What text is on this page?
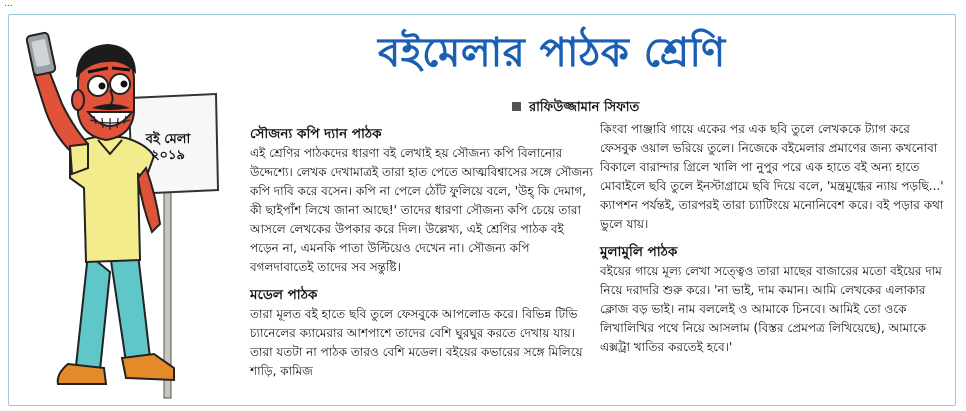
...
বই মেলা
২০১৯
বইমেলার পাঠক শ্রেণি
রাফিউজ্জামান সিফাত
সৌজন্য কপি দ্যান পাঠক

এই শ্রেণির পাঠকদের ধারণা বই লেখাই হয় সৌজন্য কপি বিলানোর উদ্দেশ্যে। লেখক দেখামাত্রই তারা হাত পেতে আত্মবিশ্বাসের সঙ্গে সৌজন্য কপি দাবি করে বসেন। কপি না পেলে ঠোঁট ফুলিয়ে বলে, 'উহ্ কি দেমাগ, কী ছাইপাঁশ লিখে জানা আছে!' তাদের ধারণা সৌজন্য কপি চেয়ে তারা আসলে লেখকের উপকার করে দিল। উল্লেখ্য, এই শ্রেণির পাঠক বই পড়েন না, এমনকি পাতা উল্টিয়েও দেখেন না। সৌজন্য কপি বগলদাবাতেই তাদের সব সন্তুষ্টি।

মডেল পাঠক

তারা মূলত বই হাতে ছবি তুলে ফেসবুকে আপলোড করে। বিভিন্ন টিভি চ্যানেলের ক্যামেরার আশপাশে তাদের বেশি ঘুরঘুর করতে দেখায় যায়। তারা যতটা না পাঠক তারও বেশি মডেল। বইয়ের কভারের সঙ্গে মিলিয়ে শাড়ি, কামিজ

কিংবা পাঞ্জাবি গায়ে একের পর এক ছবি তুলে লেখককে ট্যাগ করে ফেসবুক ওয়াল ভরিয়ে তুলে। নিজেকে বইমেলার প্রমাণের জন্য কখনোবা বিকালে বারান্দার গ্রিলে খালি পা নুপুর পরে এক হাতে বই অন্য হাতে মোবাইলে ছবি তুলে ইনস্টাগ্রামে ছবি দিয়ে বলে, 'মন্ত্রমুগ্ধের ন্যায় পড়ছি...' ক্যাপশন পর্যন্তই, তারপরই তারা চ্যাটিংয়ে মনোনিবেশ করে। বই পড়ার কথা ভুলে যায়।

মুলামুলি পাঠক

বইয়ের গায়ে মূল্য লেখা সত্ত্বেও তারা মাছের বাজারের মতো বইয়ের দাম নিয়ে দরাদরি শুরু করে। 'না ভাই, দাম কমান। আমি লেখকের এলাকার ক্লোজ বড় ভাই। নাম বললেই ও আমাকে চিনবে। আমিই তো ওকে লিখালিখির পথে নিয়ে আসলাম (বিস্তর প্রেমপত্র লিখিয়েছে), আমাকে এক্সট্রা খাতির করতেই হবে।'
